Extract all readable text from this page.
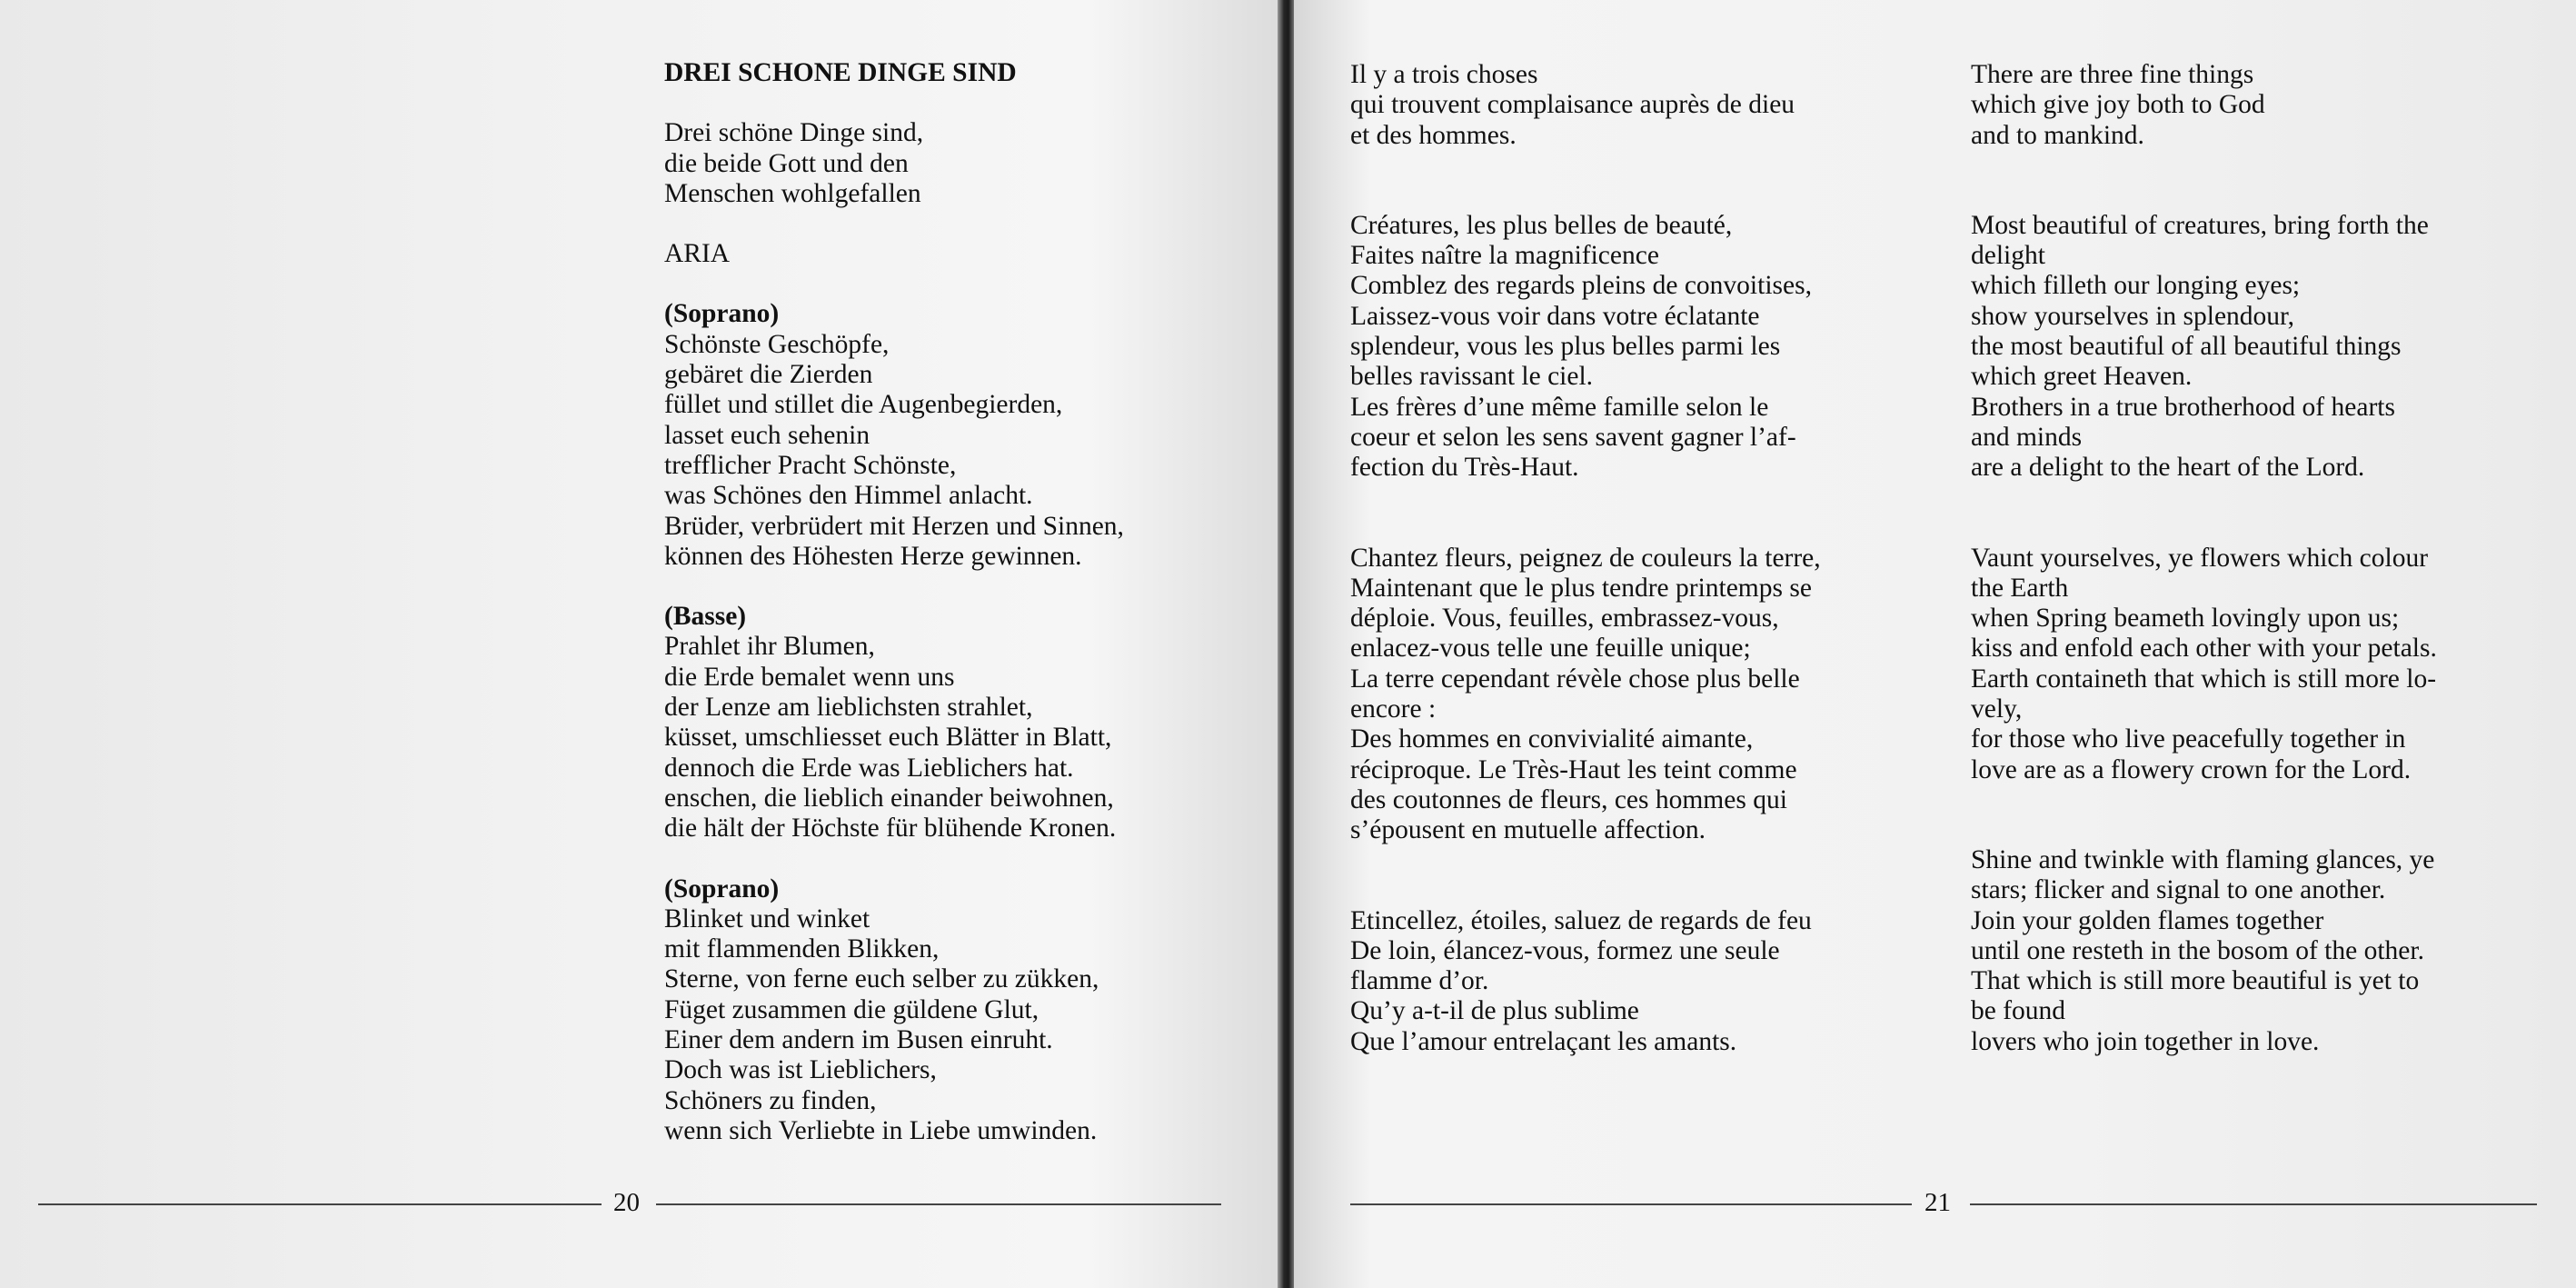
DREI SCHONE DINGE SIND

Drei schöne Dinge sind,
die beide Gott und den
Menschen wohlgefallen

ARIA

(Soprano)

Schönste Geschöpfe,
gebäret die Zierden
füllet und stillet die Augenbegierden,
lasset euch sehenin
trefflicher Pracht Schönste,
was Schönes den Himmel anlacht.
Brüder, verbrüdert mit Herzen und Sinnen,
können des Höhesten Herze gewinnen.

(Basse)

Prahlet ihr Blumen,
die Erde bemalet wenn uns
der Lenze am lieblichsten strahlet,
küsset, umschliesset euch Blätter in Blatt,
dennoch die Erde was Lieblichers hat.
enschen, die lieblich einander beiwohnen,
die hält der Höchste für blühende Kronen.

(Soprano)

Blinket und winket
mit flammenden Blikken,
Sterne, von ferne euch selber zu zükken,
Füget zusammen die güldene Glut,
Einer dem andern im Busen einruht.
Doch was ist Lieblichers,
Schöners zu finden,
wenn sich Verliebte in Liebe umwinden.
20
Il y a trois choses
qui trouvent complaisance auprès de dieu
et des hommes.
Créatures, les plus belles de beauté,
Faites naître la magnificence
Comblez des regards pleins de convoitises,
Laissez-vous voir dans votre éclatante
splendeur, vous les plus belles parmi les
belles ravissant le ciel.
Les frères d’une même famille selon le
coeur et selon les sens savent gagner l’af-
fection du Très-Haut.
Chantez fleurs, peignez de couleurs la terre,
Maintenant que le plus tendre printemps se
déploie. Vous, feuilles, embrassez-vous,
enlacez-vous telle une feuille unique;
La terre cependant révèle chose plus belle
encore :
Des hommes en convivialité aimante,
réciproque. Le Très-Haut les teint comme
des coutonnes de fleurs, ces hommes qui
s’épousent en mutuelle affection.
Etincellez, étoiles, saluez de regards de feu
De loin, élancez-vous, formez une seule
flamme d’or.
Qu’y a-t-il de plus sublime
Que l’amour entrelaçant les amants.
There are three fine things
which give joy both to God
and to mankind.
Most beautiful of creatures, bring forth the
delight
which filleth our longing eyes;
show yourselves in splendour,
the most beautiful of all beautiful things
which greet Heaven.
Brothers in a true brotherhood of hearts
and minds
are a delight to the heart of the Lord.
Vaunt yourselves, ye flowers which colour
the Earth
when Spring beameth lovingly upon us;
kiss and enfold each other with your petals.
Earth containeth that which is still more lo-
vely,
for those who live peacefully together in
love are as a flowery crown for the Lord.
Shine and twinkle with flaming glances, ye
stars; flicker and signal to one another.
Join your golden flames together
until one resteth in the bosom of the other.
That which is still more beautiful is yet to
be found
lovers who join together in love.
21
